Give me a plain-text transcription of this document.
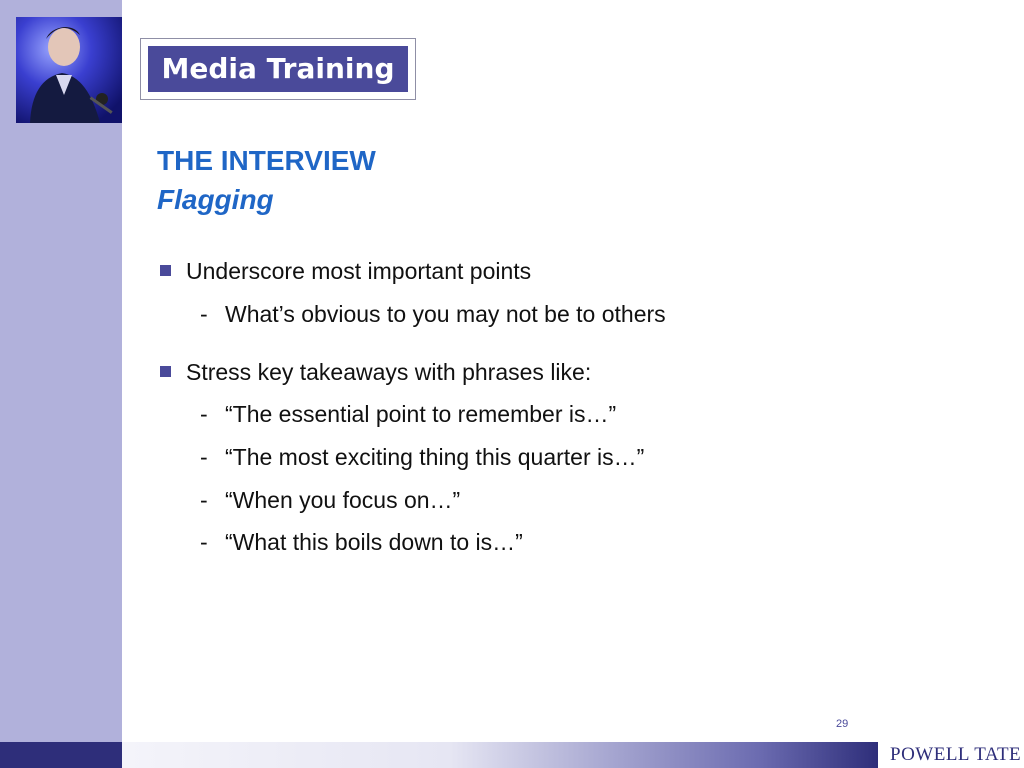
Media Training
THE INTERVIEW
Flagging
Underscore most important points
- What’s obvious to you may not be to others
Stress key takeaways with phrases like:
- “The essential point to remember is…”
- “The most exciting thing this quarter is…”
- “When you focus on…”
- “What this boils down to is…”
29
POWELL TATE
